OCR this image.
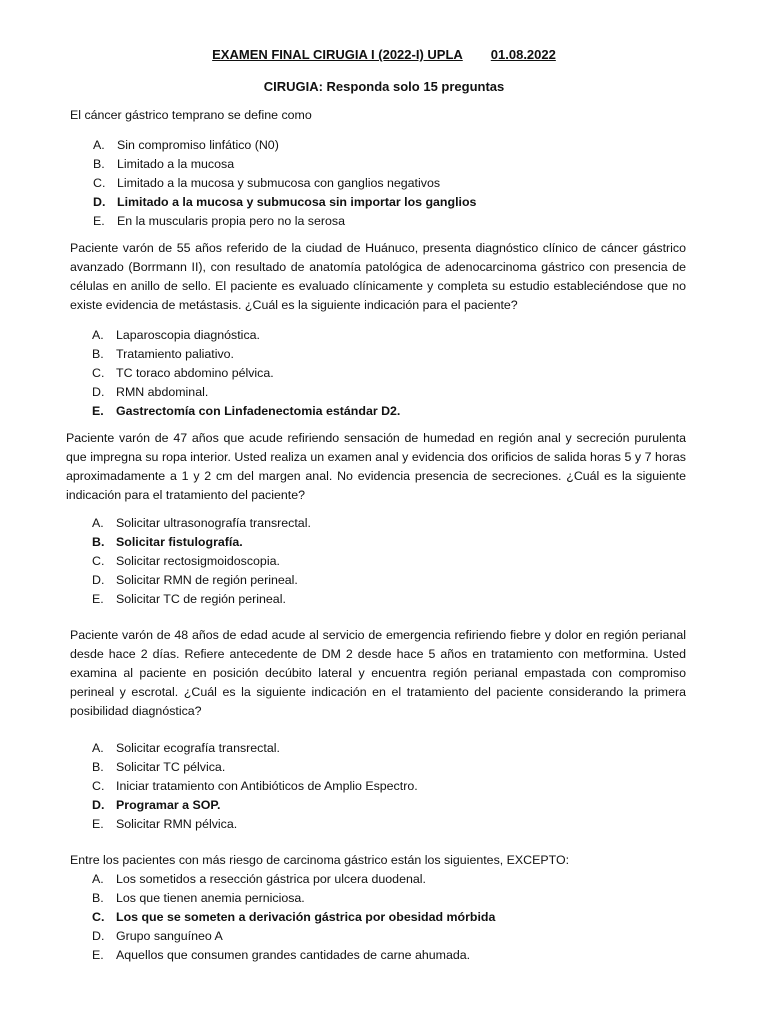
EXAMEN FINAL CIRUGIA I (2022-I) UPLA 01.08.2022
CIRUGIA: Responda solo 15 preguntas
El cáncer gástrico temprano se define como
A. Sin compromiso linfático (N0)
B. Limitado a la mucosa
C. Limitado a la mucosa y submucosa con ganglios negativos
D. Limitado a la mucosa y submucosa sin importar los ganglios
E. En la muscularis propia pero no la serosa
Paciente varón de 55 años referido de la ciudad de Huánuco, presenta diagnóstico clínico de cáncer gástrico avanzado (Borrmann II), con resultado de anatomía patológica de adenocarcinoma gástrico con presencia de células en anillo de sello. El paciente es evaluado clínicamente y completa su estudio estableciéndose que no existe evidencia de metástasis. ¿Cuál es la siguiente indicación para el paciente?
A. Laparoscopia diagnóstica.
B. Tratamiento paliativo.
C. TC toraco abdomino pélvica.
D. RMN abdominal.
E. Gastrectomía con Linfadenectomia estándar D2.
Paciente varón de 47 años que acude refiriendo sensación de humedad en región anal y secreción purulenta que impregna su ropa interior. Usted realiza un examen anal y evidencia dos orificios de salida horas 5 y 7 horas aproximadamente a 1 y 2 cm del margen anal. No evidencia presencia de secreciones. ¿Cuál es la siguiente indicación para el tratamiento del paciente?
A. Solicitar ultrasonografía transrectal.
B. Solicitar fistulografía.
C. Solicitar rectosigmoidoscopia.
D. Solicitar RMN de región perineal.
E. Solicitar TC de región perineal.
Paciente varón de 48 años de edad acude al servicio de emergencia refiriendo fiebre y dolor en región perianal desde hace 2 días. Refiere antecedente de DM 2 desde hace 5 años en tratamiento con metformina. Usted examina al paciente en posición decúbito lateral y encuentra región perianal empastada con compromiso perineal y escrotal. ¿Cuál es la siguiente indicación en el tratamiento del paciente considerando la primera posibilidad diagnóstica?
A. Solicitar ecografía transrectal.
B. Solicitar TC pélvica.
C. Iniciar tratamiento con Antibióticos de Amplio Espectro.
D. Programar a SOP.
E. Solicitar RMN pélvica.
Entre los pacientes con más riesgo de carcinoma gástrico están los siguientes, EXCEPTO:
A. Los sometidos a resección gástrica por ulcera duodenal.
B. Los que tienen anemia perniciosa.
C. Los que se someten a derivación gástrica por obesidad mórbida
D. Grupo sanguíneo A
E. Aquellos que consumen grandes cantidades de carne ahumada.
